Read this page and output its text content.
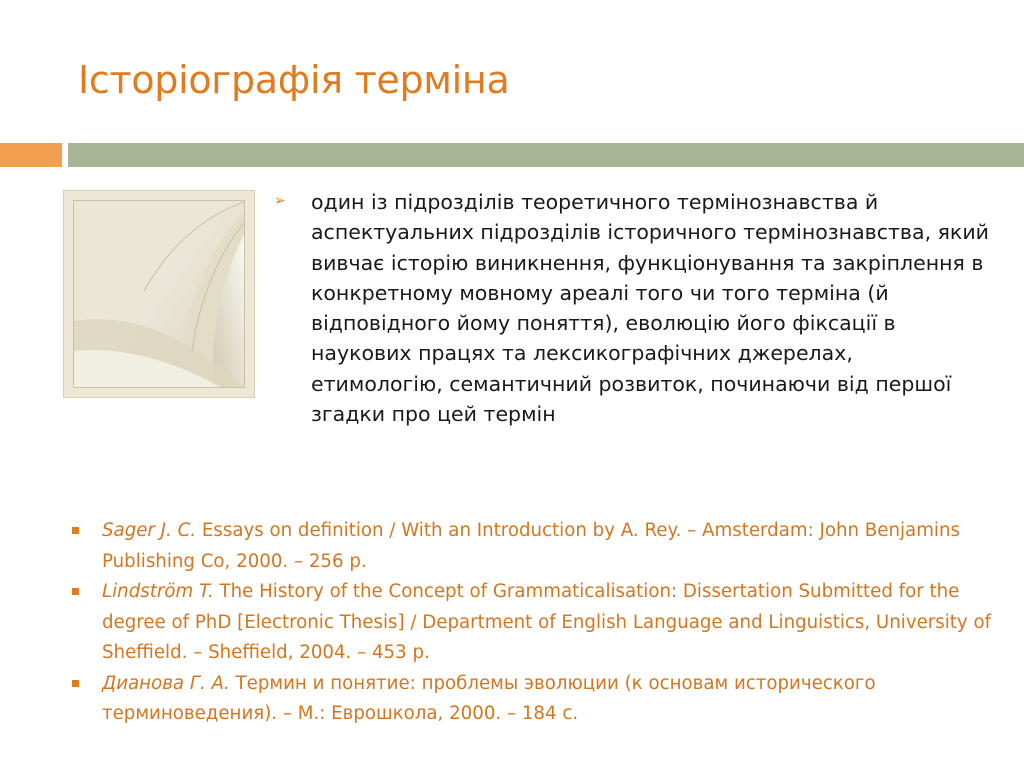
Історіографія терміна
➢ один із підрозділів теоретичного термінознавства й аспектуальних підрозділів історичного термінознавства, який вивчає історію виникнення, функціонування та закріплення в конкретному мовному ареалі того чи того терміна (й відповідного йому поняття), еволюцію його фіксації в наукових працях та лексикографічних джерелах, етимологію, семантичний розвиток, починаючи від першої згадки про цей термін
Sager J. C. Essays on definition / With an Introduction by A. Rey. – Amsterdam: John Benjamins Publishing Co, 2000. – 256 p.
Lindström T. The History of the Concept of Grammaticalisation: Dissertation Submitted for the degree of PhD [Electronic Thesis] / Department of English Language and Linguistics, University of Sheffield. – Sheffield, 2004. – 453 p.
Дианова Г. А. Термин и понятие: проблемы эволюции (к основам исторического терминоведения). – М.: Еврошкола, 2000. – 184 с.
